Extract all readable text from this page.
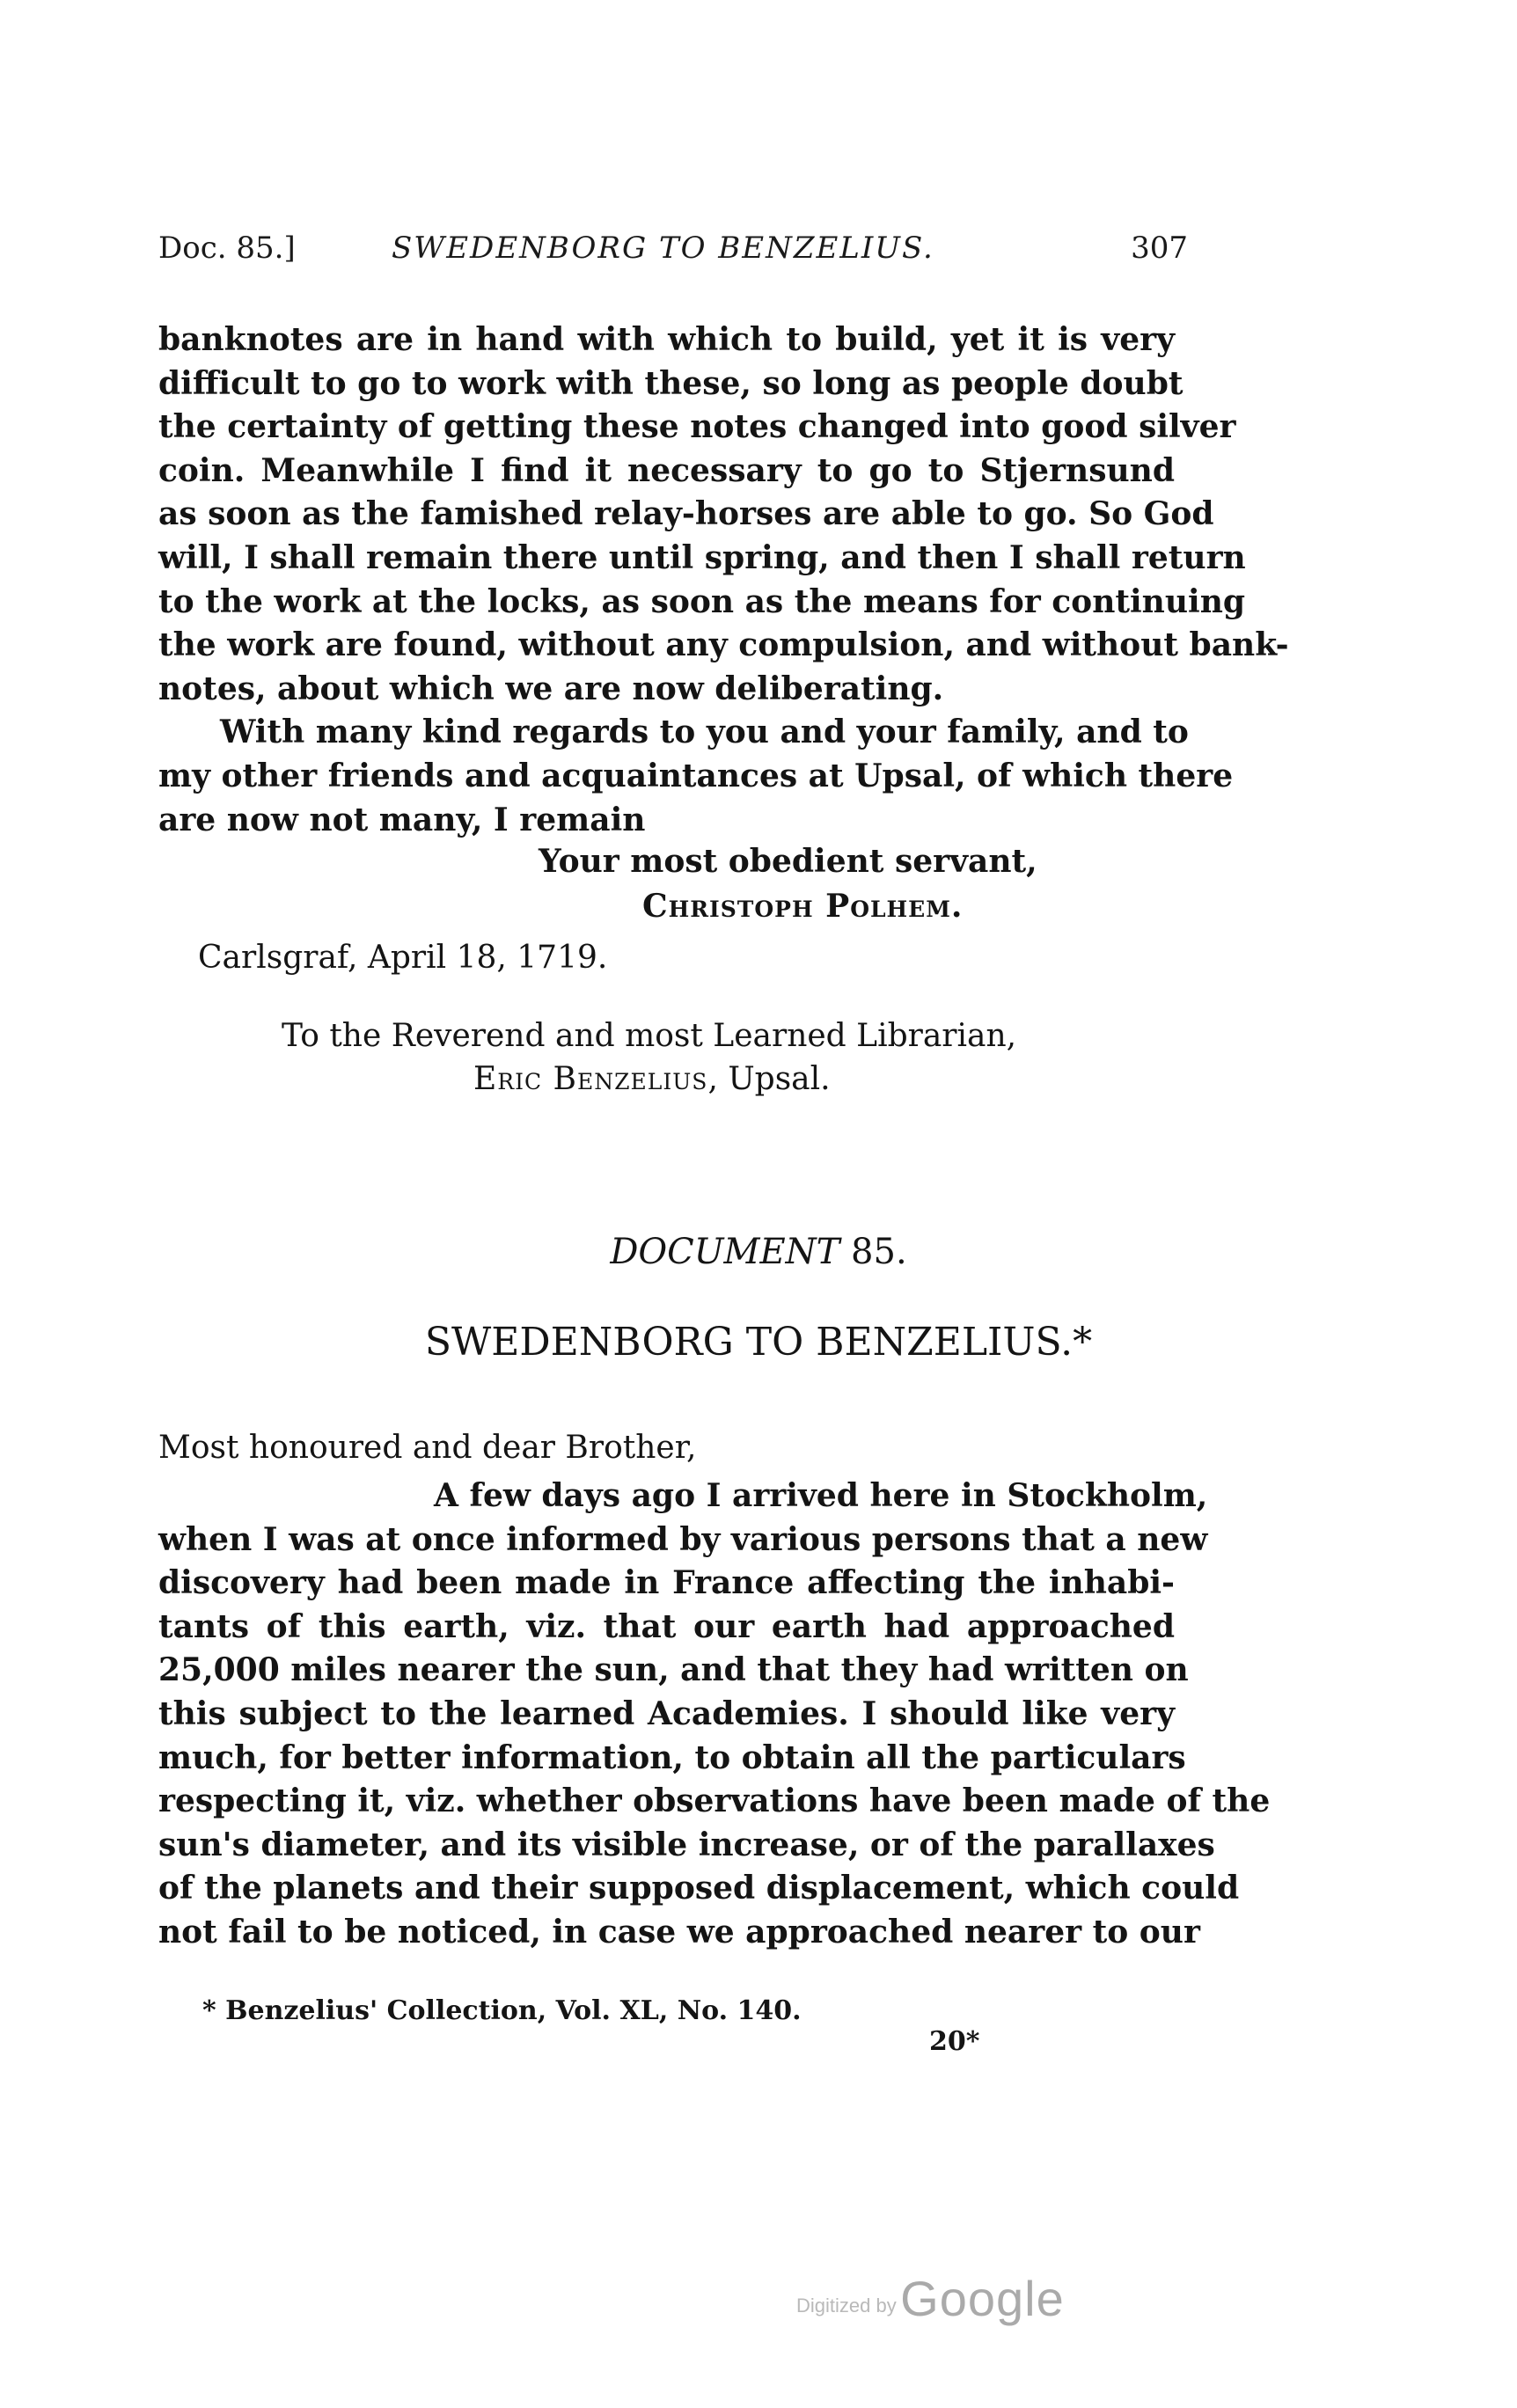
Doc. 85.]	SWEDENBORG TO BENZELIUS.	307
banknotes are in hand with which to build, yet it is very
difficult to go to work with these, so long as people doubt
the certainty of getting these notes changed into good silver
coin. Meanwhile I find it necessary to go to Stjernsund
as soon as the famished relay-horses are able to go. So God
will, I shall remain there until spring, and then I shall return
to the work at the locks, as soon as the means for continuing
the work are found, without any compulsion, and without bank-
notes, about which we are now deliberating.
With many kind regards to you and your family, and to
my other friends and acquaintances at Upsal, of which there
are now not many, I remain
Your most obedient servant,
Christoph Polhem.
Carlsgraf, April 18, 1719.
To the Reverend and most Learned Librarian,
Eric Benzelius, Upsal.
DOCUMENT 85.
SWEDENBORG TO BENZELIUS.*
Most honoured and dear Brother,
A few days ago I arrived here in Stockholm,
when I was at once informed by various persons that a new
discovery had been made in France affecting the inhabi-
tants of this earth, viz. that our earth had approached
25,000 miles nearer the sun, and that they had written on
this subject to the learned Academies. I should like very
much, for better information, to obtain all the particulars
respecting it, viz. whether observations have been made of the
sun's diameter, and its visible increase, or of the parallaxes
of the planets and their supposed displacement, which could
not fail to be noticed, in case we approached nearer to our
* Benzelius' Collection, Vol. XL, No. 140.
20*
Digitized by Google
